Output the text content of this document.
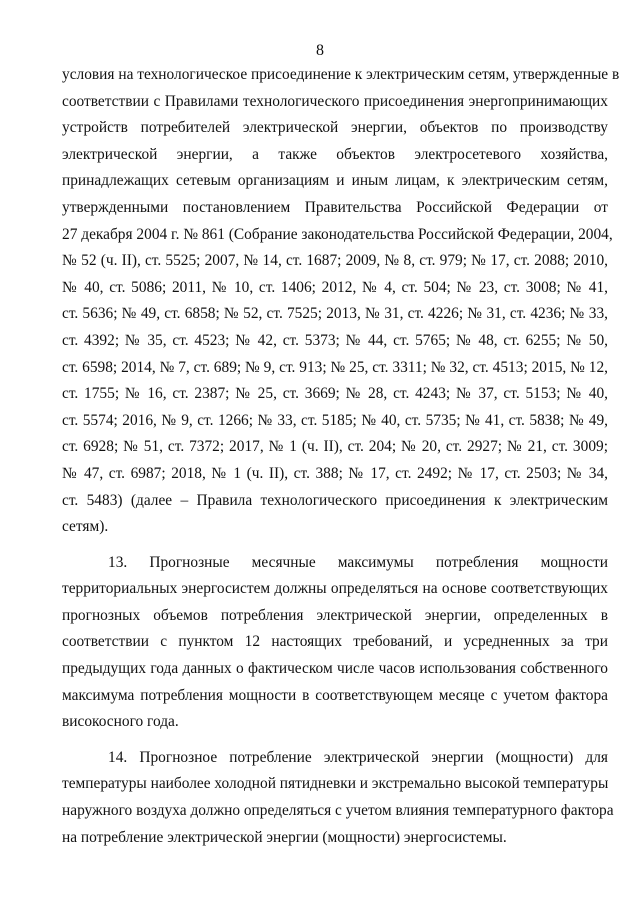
8
условия на технологическое присоединение к электрическим сетям, утвержденные в
соответствии с Правилами технологического присоединения энергопринимающих
устройств потребителей электрической энергии, объектов по производству
электрической энергии, а также объектов электросетевого хозяйства,
принадлежащих сетевым организациям и иным лицам, к электрическим сетям,
утвержденными постановлением Правительства Российской Федерации от
27 декабря 2004 г. № 861 (Собрание законодательства Российской Федерации, 2004,
№ 52 (ч. II), ст. 5525; 2007, № 14, ст. 1687; 2009, № 8, ст. 979; № 17, ст. 2088; 2010,
№ 40, ст. 5086; 2011, № 10, ст. 1406; 2012, № 4, ст. 504; № 23, ст. 3008; № 41,
ст. 5636; № 49, ст. 6858; № 52, ст. 7525; 2013, № 31, ст. 4226; № 31, ст. 4236; № 33,
ст. 4392; № 35, ст. 4523; № 42, ст. 5373; № 44, ст. 5765; № 48, ст. 6255; № 50,
ст. 6598; 2014, № 7, ст. 689; № 9, ст. 913; № 25, ст. 3311; № 32, ст. 4513; 2015, № 12,
ст. 1755; № 16, ст. 2387; № 25, ст. 3669; № 28, ст. 4243; № 37, ст. 5153; № 40,
ст. 5574; 2016, № 9, ст. 1266; № 33, ст. 5185; № 40, ст. 5735; № 41, ст. 5838; № 49,
ст. 6928; № 51, ст. 7372; 2017, № 1 (ч. II), ст. 204; № 20, ст. 2927; № 21, ст. 3009;
№ 47, ст. 6987; 2018, № 1 (ч. II), ст. 388; № 17, ст. 2492; № 17, ст. 2503; № 34,
ст. 5483) (далее – Правила технологического присоединения к электрическим
сетям).
13. Прогнозные месячные максимумы потребления мощности
территориальных энергосистем должны определяться на основе соответствующих
прогнозных объемов потребления электрической энергии, определенных в
соответствии с пунктом 12 настоящих требований, и усредненных за три
предыдущих года данных о фактическом числе часов использования собственного
максимума потребления мощности в соответствующем месяце с учетом фактора
високосного года.
14. Прогнозное потребление электрической энергии (мощности) для
температуры наиболее холодной пятидневки и экстремально высокой температуры
наружного воздуха должно определяться с учетом влияния температурного фактора
на потребление электрической энергии (мощности) энергосистемы.
